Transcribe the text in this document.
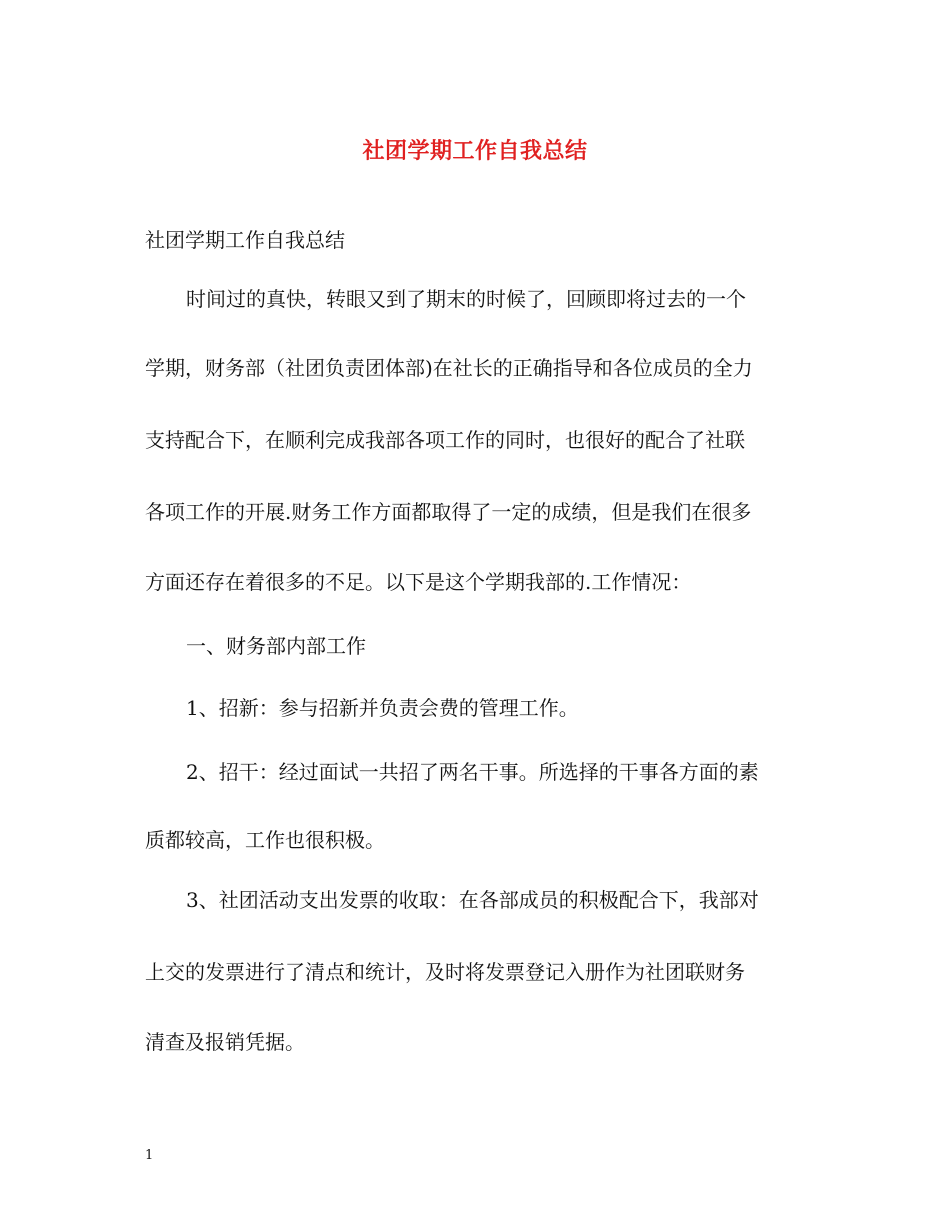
社团学期工作自我总结
社团学期工作自我总结
时间过的真快，转眼又到了期末的时候了，回顾即将过去的一个
学期，财务部（社团负责团体部)在社长的正确指导和各位成员的全力
支持配合下，在顺利完成我部各项工作的同时，也很好的配合了社联
各项工作的开展.财务工作方面都取得了一定的成绩，但是我们在很多
方面还存在着很多的不足。以下是这个学期我部的.工作情况：
一、财务部内部工作
1、招新：参与招新并负责会费的管理工作。
2、招干：经过面试一共招了两名干事。所选择的干事各方面的素
质都较高，工作也很积极。
3、社团活动支出发票的收取：在各部成员的积极配合下，我部对
上交的发票进行了清点和统计，及时将发票登记入册作为社团联财务
清查及报销凭据。
1
